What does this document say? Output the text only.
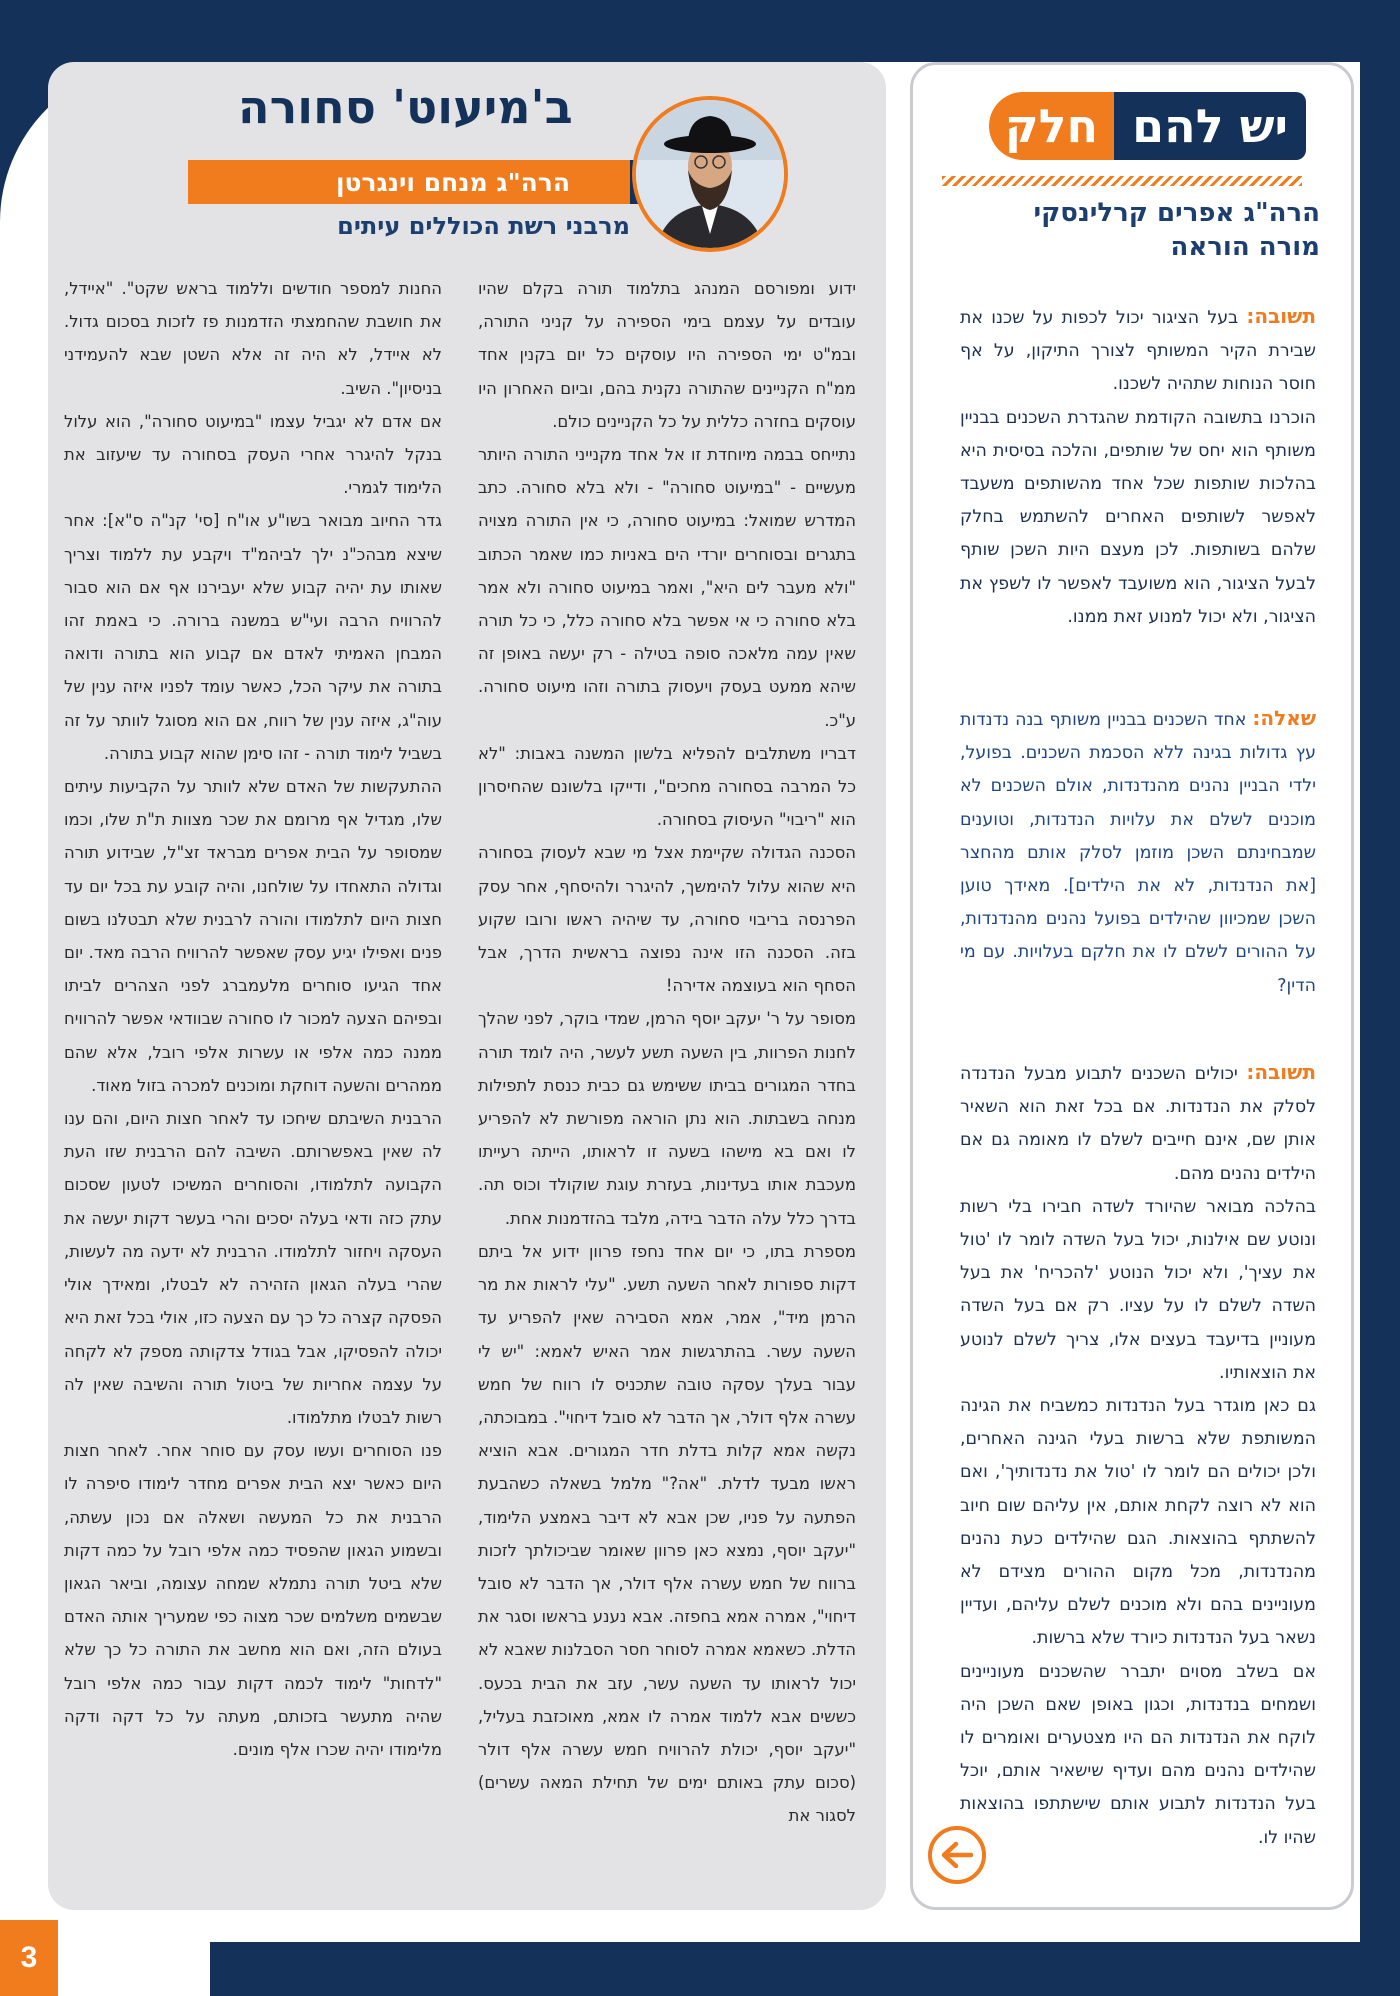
3
יש להם
חלק
הרה"ג אפרים קרלינסקי
מורה הוראה

תשובה: בעל הציגור יכול לכפות על שכנו את שבירת הקיר המשותף לצורך התיקון, על אף חוסר הנוחות שתהיה לשכנו.

הוכרנו בתשובה הקודמת שהגדרת השכנים בבניין משותף הוא יחס של שותפים, והלכה בסיסית היא בהלכות שותפות שכל אחד מהשותפים משעבד לאפשר לשותפים האחרים להשתמש בחלק שלהם בשותפות. לכן מעצם היות השכן שותף לבעל הציגור, הוא משועבד לאפשר לו לשפץ את הציגור, ולא יכול למנוע זאת ממנו.

שאלה: אחד השכנים בבניין משותף בנה נדנדות עץ גדולות בגינה ללא הסכמת השכנים. בפועל, ילדי הבניין נהנים מהנדנדות, אולם השכנים לא מוכנים לשלם את עלויות הנדנדות, וטוענים שמבחינתם השכן מוזמן לסלק אותם מהחצר [את הנדנדות, לא את הילדים]. מאידך טוען השכן שמכיוון שהילדים בפועל נהנים מהנדנדות, על ההורים לשלם לו את חלקם בעלויות. עם מי הדין?

תשובה: יכולים השכנים לתבוע מבעל הנדנדה לסלק את הנדנדות. אם בכל זאת הוא השאיר אותן שם, אינם חייבים לשלם לו מאומה גם אם הילדים נהנים מהם.

בהלכה מבואר שהיורד לשדה חבירו בלי רשות ונוטע שם אילנות, יכול בעל השדה לומר לו 'טול את עציך', ולא יכול הנוטע 'להכריח' את בעל השדה לשלם לו על עציו. רק אם בעל השדה מעוניין בדיעבד בעצים אלו, צריך לשלם לנוטע את הוצאותיו.

גם כאן מוגדר בעל הנדנדות כמשביח את הגינה המשותפת שלא ברשות בעלי הגינה האחרים, ולכן יכולים הם לומר לו 'טול את נדנדותיך', ואם הוא לא רוצה לקחת אותם, אין עליהם שום חיוב להשתתף בהוצאות. הגם שהילדים כעת נהנים מהנדנדות, מכל מקום ההורים מצידם לא מעוניינים בהם ולא מוכנים לשלם עליהם, ועדיין נשאר בעל הנדנדות כיורד שלא ברשות.

אם בשלב מסוים יתברר שהשכנים מעוניינים ושמחים בנדנדות, וכגון באופן שאם השכן היה לוקח את הנדנדות הם היו מצטערים ואומרים לו שהילדים נהנים מהם ועדיף שישאיר אותם, יוכל בעל הנדנדות לתבוע אותם שישתתפו בהוצאות שהיו לו.

ב'מיעוט' סחורה
הרה"ג מנחם וינגרטן
מרבני רשת הכוללים עיתים

ידוע ומפורסם המנהג בתלמוד תורה בקלם שהיו עובדים על עצמם בימי הספירה על קניני התורה, ובמ"ט ימי הספירה היו עוסקים כל יום בקנין אחד ממ"ח הקניינים שהתורה נקנית בהם, וביום האחרון היו עוסקים בחזרה כללית על כל הקניינים כולם.

נתייחס בבמה מיוחדת זו אל אחד מקנייני התורה היותר מעשיים - "במיעוט סחורה" - ולא בלא סחורה. כתב המדרש שמואל: במיעוט סחורה, כי אין התורה מצויה בתגרים ובסוחרים יורדי הים באניות כמו שאמר הכתוב "ולא מעבר לים היא", ואמר במיעוט סחורה ולא אמר בלא סחורה כי אי אפשר בלא סחורה כלל, כי כל תורה שאין עמה מלאכה סופה בטילה - רק יעשה באופן זה שיהא ממעט בעסק ויעסוק בתורה וזהו מיעוט סחורה. ע"כ.

דבריו משתלבים להפליא בלשון המשנה באבות: "לא כל המרבה בסחורה מחכים", ודייקו בלשונם שהחיסרון הוא "ריבוי" העיסוק בסחורה.

הסכנה הגדולה שקיימת אצל מי שבא לעסוק בסחורה היא שהוא עלול להימשך, להיגרר ולהיסחף, אחר עסק הפרנסה בריבוי סחורה, עד שיהיה ראשו ורובו שקוע בזה. הסכנה הזו אינה נפוצה בראשית הדרך, אבל הסחף הוא בעוצמה אדירה!

מסופר על ר' יעקב יוסף הרמן, שמדי בוקר, לפני שהלך לחנות הפרוות, בין השעה תשע לעשר, היה לומד תורה בחדר המגורים בביתו ששימש גם כבית כנסת לתפילות מנחה בשבתות. הוא נתן הוראה מפורשת לא להפריע לו ואם בא מישהו בשעה זו לראותו, הייתה רעייתו מעכבת אותו בעדינות, בעזרת עוגת שוקולד וכוס תה. בדרך כלל עלה הדבר בידה, מלבד בהזדמנות אחת.

מספרת בתו, כי יום אחד נחפז פרוון ידוע אל ביתם דקות ספורות לאחר השעה תשע. "עלי לראות את מר הרמן מיד", אמר, אמא הסבירה שאין להפריע עד השעה עשר. בהתרגשות אמר האיש לאמא: "יש לי עבור בעלך עסקה טובה שתכניס לו רווח של חמש עשרה אלף דולר, אך הדבר לא סובל דיחוי". במבוכתה, נקשה אמא קלות בדלת חדר המגורים. אבא הוציא ראשו מבעד לדלת. "אה?" מלמל בשאלה כשהבעת הפתעה על פניו, שכן אבא לא דיבר באמצע הלימוד, "יעקב יוסף, נמצא כאן פרוון שאומר שביכולתך לזכות ברווח של חמש עשרה אלף דולר, אך הדבר לא סובל דיחוי", אמרה אמא בחפזה. אבא נענע בראשו וסגר את הדלת. כשאמא אמרה לסוחר חסר הסבלנות שאבא לא יכול לראותו עד השעה עשר, עזב את הבית בכעס. כששים אבא ללמוד אמרה לו אמא, מאוכזבת בעליל, "יעקב יוסף, יכולת להרוויח חמש עשרה אלף דולר (סכום עתק באותם ימים של תחילת המאה עשרים) לסגור את

החנות למספר חודשים וללמוד בראש שקט". "איידל, את חושבת שהחמצתי הזדמנות פז לזכות בסכום גדול. לא איידל, לא היה זה אלא השטן שבא להעמידני בניסיון". השיב.

אם אדם לא יגביל עצמו "במיעוט סחורה", הוא עלול בנקל להיגרר אחרי העסק בסחורה עד שיעזוב את הלימוד לגמרי.

גדר החיוב מבואר בשו"ע או"ח [סי' קנ"ה ס"א]: אחר שיצא מבהכ"נ ילך לביהמ"ד ויקבע עת ללמוד וצריך שאותו עת יהיה קבוע שלא יעבירנו אף אם הוא סבור להרוויח הרבה ועי"ש במשנה ברורה. כי באמת זהו המבחן האמיתי לאדם אם קבוע הוא בתורה ודואה בתורה את עיקר הכל, כאשר עומד לפניו איזה ענין של עוה"ג, איזה ענין של רווח, אם הוא מסוגל לוותר על זה בשביל לימוד תורה - זהו סימן שהוא קבוע בתורה.

ההתעקשות של האדם שלא לוותר על הקביעות עיתים שלו, מגדיל אף מרומם את שכר מצוות ת"ת שלו, וכמו שמסופר על הבית אפרים מבראד זצ"ל, שבידוע תורה וגדולה התאחדו על שולחנו, והיה קובע עת בכל יום עד חצות היום לתלמודו והורה לרבנית שלא תבטלנו בשום פנים ואפילו יגיע עסק שאפשר להרוויח הרבה מאד. יום אחד הגיעו סוחרים מלעמברג לפני הצהרים לביתו ובפיהם הצעה למכור לו סחורה שבוודאי אפשר להרוויח ממנה כמה אלפי או עשרות אלפי רובל, אלא שהם ממהרים והשעה דוחקת ומוכנים למכרה בזול מאוד.

הרבנית השיבתם שיחכו עד לאחר חצות היום, והם ענו לה שאין באפשרותם. השיבה להם הרבנית שזו העת הקבועה לתלמודו, והסוחרים המשיכו לטעון שסכום עתק כזה ודאי בעלה יסכים והרי בעשר דקות יעשה את העסקה ויחזור לתלמודו. הרבנית לא ידעה מה לעשות, שהרי בעלה הגאון הזהירה לא לבטלו, ומאידך אולי הפסקה קצרה כל כך עם הצעה כזו, אולי בכל זאת היא יכולה להפסיקו, אבל בגודל צדקותה מספק לא לקחה על עצמה אחריות של ביטול תורה והשיבה שאין לה רשות לבטלו מתלמודו.

פנו הסוחרים ועשו עסק עם סוחר אחר. לאחר חצות היום כאשר יצא הבית אפרים מחדר לימודו סיפרה לו הרבנית את כל המעשה ושאלה אם נכון עשתה, ובשמוע הגאון שהפסיד כמה אלפי רובל על כמה דקות שלא ביטל תורה נתמלא שמחה עצומה, וביאר הגאון שבשמים משלמים שכר מצוה כפי שמעריך אותה האדם בעולם הזה, ואם הוא מחשב את התורה כל כך שלא "לדחות" לימוד לכמה דקות עבור כמה אלפי רובל שהיה מתעשר בזכותם, מעתה על כל דקה ודקה מלימודו יהיה שכרו אלף מונים.
